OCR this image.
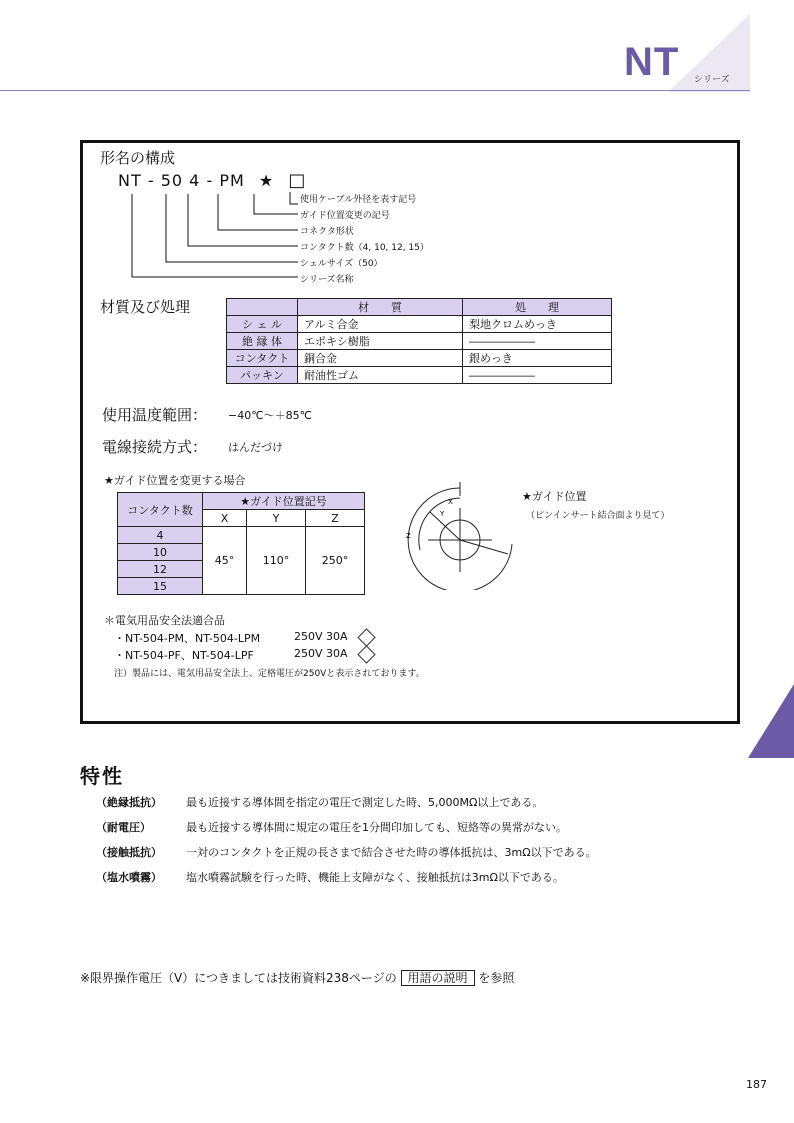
NT シリーズ
形名の構成
NT - 50 4 - PM ★ □
使用ケーブル外径を表す記号
ガイド位置変更の記号
コネクタ形状
コンタクト数（4, 10, 12, 15）
シェルサイズ（50）
シリーズ名称
材質及び処理
		材　　質	処　　理
シ ェ ル	アルミ合金	梨地クロムめっき
絶 縁 体	エポキシ樹脂	――――――
コンタクト	銅合金	銀めっき
パッキン	耐油性ゴム	――――――
使用温度範囲： −40℃〜＋85℃
電線接続方式： はんだづけ
★ガイド位置を変更する場合
コンタクト数	★ガイド位置記号		
	X	Y	Z
4	45°	110°	250°
10			
12			
15			
Y
X
Z
★ガイド位置
（ピンインサート結合面より見て）
＊電気用品安全法適合品
・NT-504-PM、NT-504-LPM	250V 30A
・NT-504-PF、NT-504-LPF	250V 30A
注）製品には、電気用品安全法上、定格電圧が250Vと表示されております。
特性
（絶縁抵抗） 最も近接する導体間を指定の電圧で測定した時、5,000MΩ以上である。
（耐電圧）	最も近接する導体間に規定の電圧を1分間印加しても、短絡等の異常がない。
（接触抵抗） 一対のコンタクトを正規の長さまで結合させた時の導体抵抗は、3mΩ以下である。
（塩水噴霧） 塩水噴霧試験を行った時、機能上支障がなく、接触抵抗は3mΩ以下である。
※限界操作電圧（V）につきましては技術資料238ページの 用語の説明 を参照
187
